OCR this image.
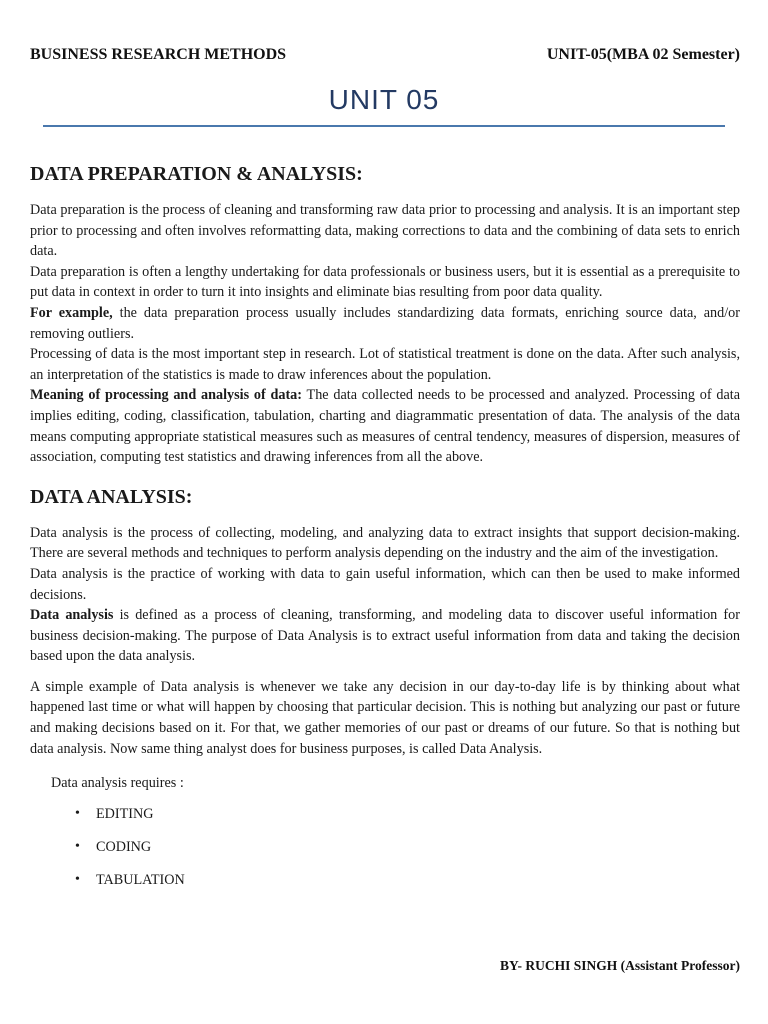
BUSINESS RESEARCH METHODS	UNIT-05(MBA 02 Semester)
UNIT 05
DATA PREPARATION & ANALYSIS:

Data preparation is the process of cleaning and transforming raw data prior to processing and analysis. It is an important step prior to processing and often involves reformatting data, making corrections to data and the combining of data sets to enrich data.

Data preparation is often a lengthy undertaking for data professionals or business users, but it is essential as a prerequisite to put data in context in order to turn it into insights and eliminate bias resulting from poor data quality.

For example, the data preparation process usually includes standardizing data formats, enriching source data, and/or removing outliers.

Processing of data is the most important step in research. Lot of statistical treatment is done on the data. After such analysis, an interpretation of the statistics is made to draw inferences about the population.

Meaning of processing and analysis of data: The data collected needs to be processed and analyzed. Processing of data implies editing, coding, classification, tabulation, charting and diagrammatic presentation of data. The analysis of the data means computing appropriate statistical measures such as measures of central tendency, measures of dispersion, measures of association, computing test statistics and drawing inferences from all the above.

DATA ANALYSIS:

Data analysis is the process of collecting, modeling, and analyzing data to extract insights that support decision-making. There are several methods and techniques to perform analysis depending on the industry and the aim of the investigation.

Data analysis is the practice of working with data to gain useful information, which can then be used to make informed decisions.

Data analysis is defined as a process of cleaning, transforming, and modeling data to discover useful information for business decision-making. The purpose of Data Analysis is to extract useful information from data and taking the decision based upon the data analysis.

A simple example of Data analysis is whenever we take any decision in our day-to-day life is by thinking about what happened last time or what will happen by choosing that particular decision. This is nothing but analyzing our past or future and making decisions based on it. For that, we gather memories of our past or dreams of our future. So that is nothing but data analysis. Now same thing analyst does for business purposes, is called Data Analysis.

Data analysis requires :
• EDITING
• CODING
• TABULATION
BY- RUCHI SINGH (Assistant Professor)
